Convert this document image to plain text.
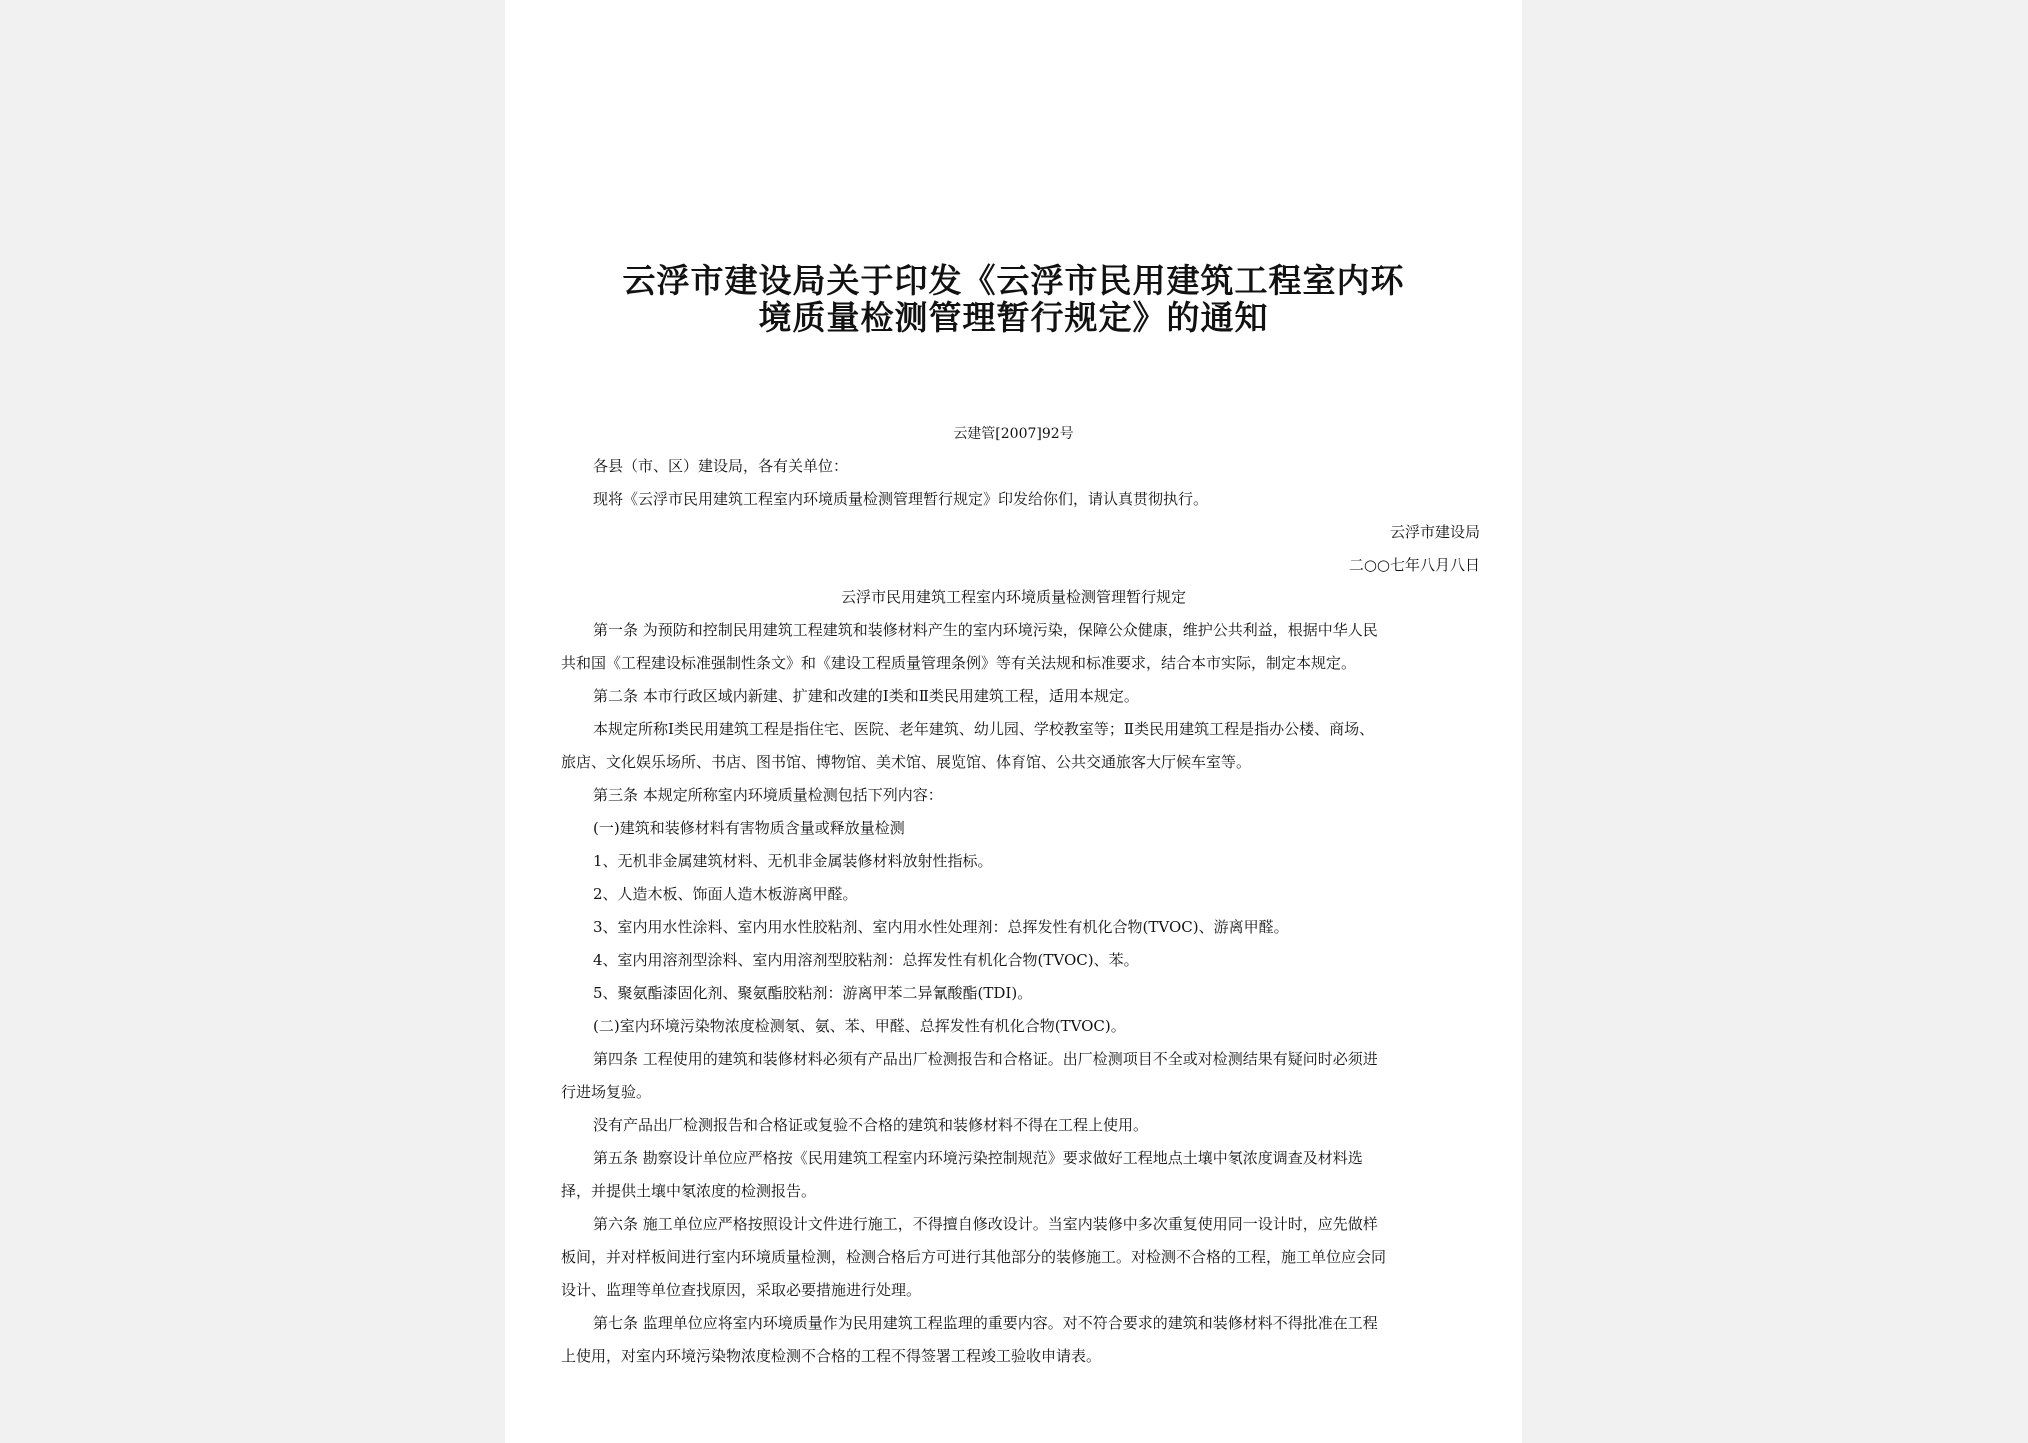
云浮市建设局关于印发《云浮市民用建筑工程室内环
境质量检测管理暂行规定》的通知
云建管[2007]92号
各县（市、区）建设局，各有关单位：
现将《云浮市民用建筑工程室内环境质量检测管理暂行规定》印发给你们，请认真贯彻执行。
云浮市建设局
二○○七年八月八日
云浮市民用建筑工程室内环境质量检测管理暂行规定
第一条 为预防和控制民用建筑工程建筑和装修材料产生的室内环境污染，保障公众健康，维护公共利益，根据中华人民
共和国《工程建设标准强制性条文》和《建设工程质量管理条例》等有关法规和标准要求，结合本市实际，制定本规定。
第二条 本市行政区域内新建、扩建和改建的I类和Ⅱ类民用建筑工程，适用本规定。
本规定所称I类民用建筑工程是指住宅、医院、老年建筑、幼儿园、学校教室等；Ⅱ类民用建筑工程是指办公楼、商场、
旅店、文化娱乐场所、书店、图书馆、博物馆、美术馆、展览馆、体育馆、公共交通旅客大厅候车室等。
第三条 本规定所称室内环境质量检测包括下列内容：
(一)建筑和装修材料有害物质含量或释放量检测
1、无机非金属建筑材料、无机非金属装修材料放射性指标。
2、人造木板、饰面人造木板游离甲醛。
3、室内用水性涂料、室内用水性胶粘剂、室内用水性处理剂：总挥发性有机化合物(TVOC)、游离甲醛。
4、室内用溶剂型涂料、室内用溶剂型胶粘剂：总挥发性有机化合物(TVOC)、苯。
5、聚氨酯漆固化剂、聚氨酯胶粘剂：游离甲苯二异氰酸酯(TDI)。
(二)室内环境污染物浓度检测氡、氨、苯、甲醛、总挥发性有机化合物(TVOC)。
第四条 工程使用的建筑和装修材料必须有产品出厂检测报告和合格证。出厂检测项目不全或对检测结果有疑问时必须进
行进场复验。
没有产品出厂检测报告和合格证或复验不合格的建筑和装修材料不得在工程上使用。
第五条 勘察设计单位应严格按《民用建筑工程室内环境污染控制规范》要求做好工程地点土壤中氡浓度调查及材料选
择，并提供土壤中氡浓度的检测报告。
第六条 施工单位应严格按照设计文件进行施工，不得擅自修改设计。当室内装修中多次重复使用同一设计时，应先做样
板间，并对样板间进行室内环境质量检测，检测合格后方可进行其他部分的装修施工。对检测不合格的工程，施工单位应会同
设计、监理等单位查找原因，采取必要措施进行处理。
第七条 监理单位应将室内环境质量作为民用建筑工程监理的重要内容。对不符合要求的建筑和装修材料不得批准在工程
上使用，对室内环境污染物浓度检测不合格的工程不得签署工程竣工验收申请表。
